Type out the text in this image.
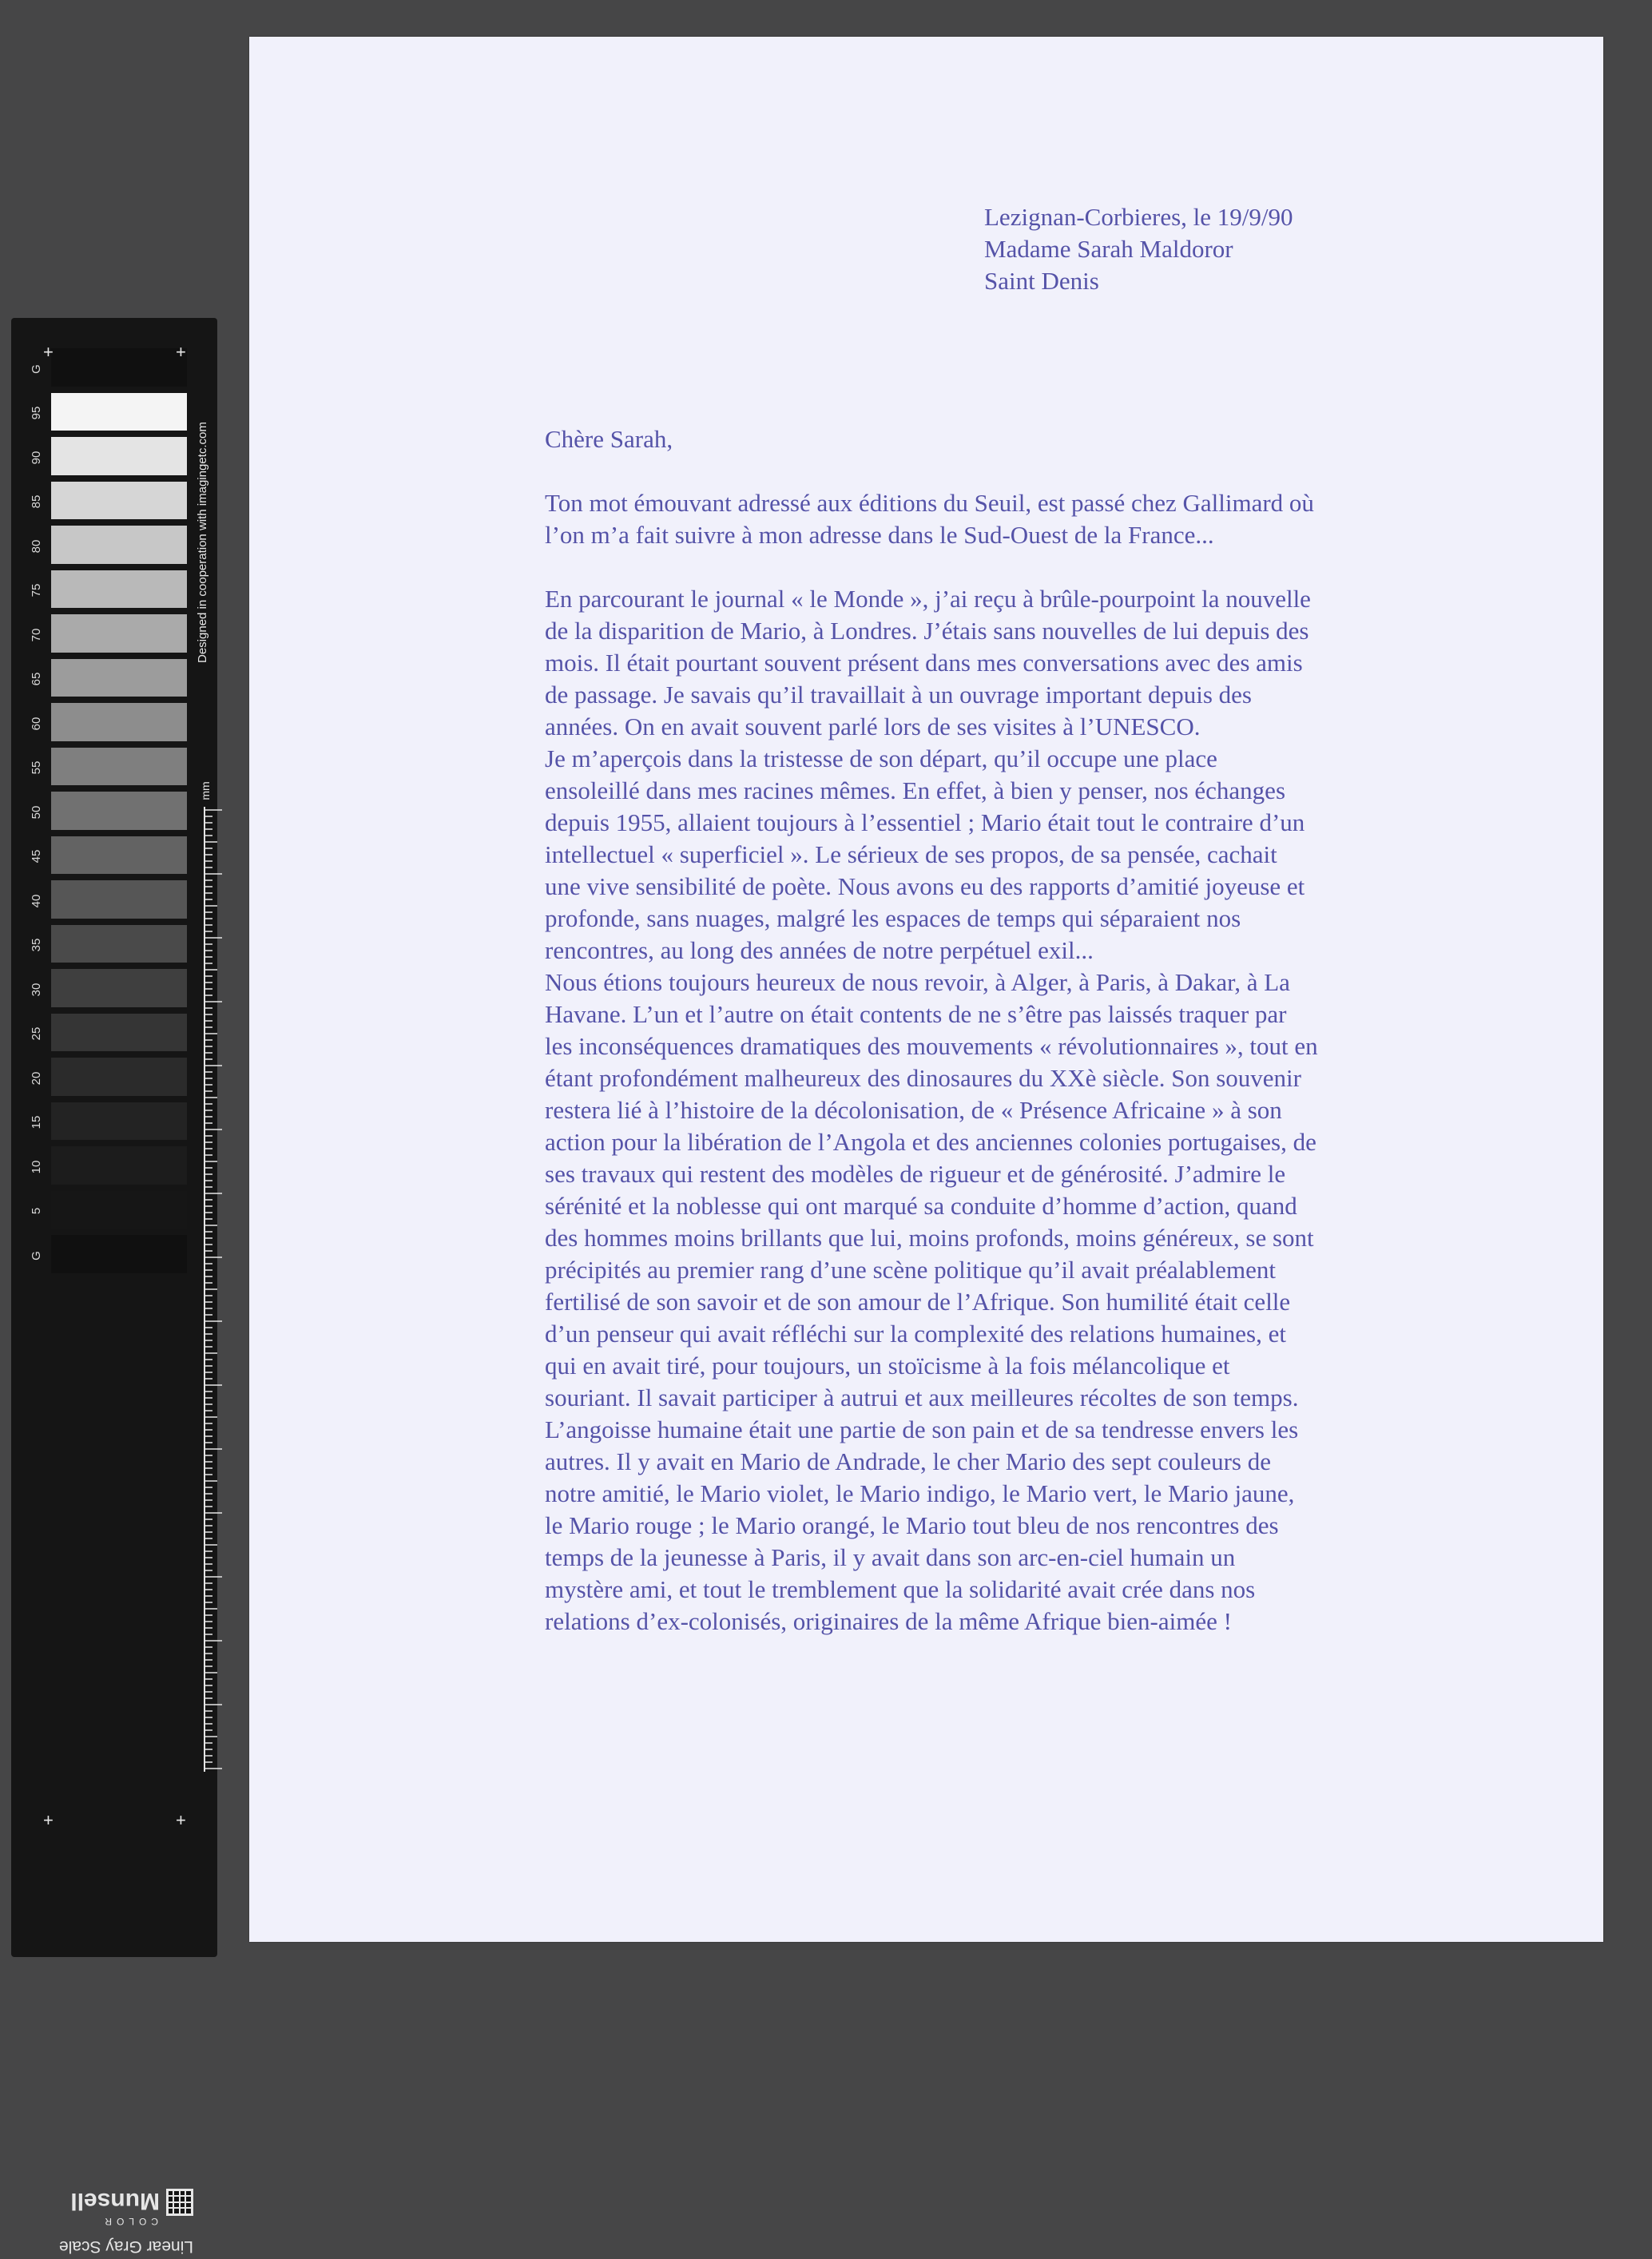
G
95
90
85
80
75
70
65
60
55
50
45
40
35
30
25
20
15
10
5
G
+	+
+	+
Designed in cooperation with imagingetc.com
mm
Linear Gray Scale
COLOR
Munsell
Lezignan-Corbieres, le 19/9/90
Madame Sarah Maldoror
Saint Denis
Chère Sarah,
Ton mot émouvant adressé aux éditions du Seuil, est passé chez Gallimard où
l’on m’a fait suivre à mon adresse dans le Sud-Ouest de la France...
En parcourant le journal « le Monde », j’ai reçu à brûle-pourpoint la nouvelle
de la disparition de Mario, à Londres. J’étais sans nouvelles de lui depuis des
mois. Il était pourtant souvent présent dans mes conversations avec des amis
de passage. Je savais qu’il travaillait à un ouvrage important depuis des
années. On en avait souvent parlé lors de ses visites à l’UNESCO.
Je m’aperçois dans la tristesse de son départ, qu’il occupe une place
ensoleillé dans mes racines mêmes. En effet, à bien y penser, nos échanges
depuis 1955, allaient toujours à l’essentiel ; Mario était tout le contraire d’un
intellectuel « superficiel ». Le sérieux de ses propos, de sa pensée, cachait
une vive sensibilité de poète. Nous avons eu des rapports d’amitié joyeuse et
profonde, sans nuages, malgré les espaces de temps qui séparaient nos
rencontres, au long des années de notre perpétuel exil...
Nous étions toujours heureux de nous revoir, à Alger, à Paris, à Dakar, à La
Havane. L’un et l’autre on était contents de ne s’être pas laissés traquer par
les inconséquences dramatiques des mouvements « révolutionnaires », tout en
étant profondément malheureux des dinosaures du XXè siècle. Son souvenir
restera lié à l’histoire de la décolonisation, de « Présence Africaine » à son
action pour la libération de l’Angola et des anciennes colonies portugaises, de
ses travaux qui restent des modèles de rigueur et de générosité. J’admire le
sérénité et la noblesse qui ont marqué sa conduite d’homme d’action, quand
des hommes moins brillants que lui, moins profonds, moins généreux, se sont
précipités au premier rang d’une scène politique qu’il avait préalablement
fertilisé de son savoir et de son amour de l’Afrique. Son humilité était celle
d’un penseur qui avait réfléchi sur la complexité des relations humaines, et
qui en avait tiré, pour toujours, un stoïcisme à la fois mélancolique et
souriant. Il savait participer à autrui et aux meilleures récoltes de son temps.
L’angoisse humaine était une partie de son pain et de sa tendresse envers les
autres. Il y avait en Mario de Andrade, le cher Mario des sept couleurs de
notre amitié, le Mario violet, le Mario indigo, le Mario vert, le Mario jaune,
le Mario rouge ; le Mario orangé, le Mario tout bleu de nos rencontres des
temps de la jeunesse à Paris, il y avait dans son arc-en-ciel humain un
mystère ami, et tout le tremblement que la solidarité avait crée dans nos
relations d’ex-colonisés, originaires de la même Afrique bien-aimée !
